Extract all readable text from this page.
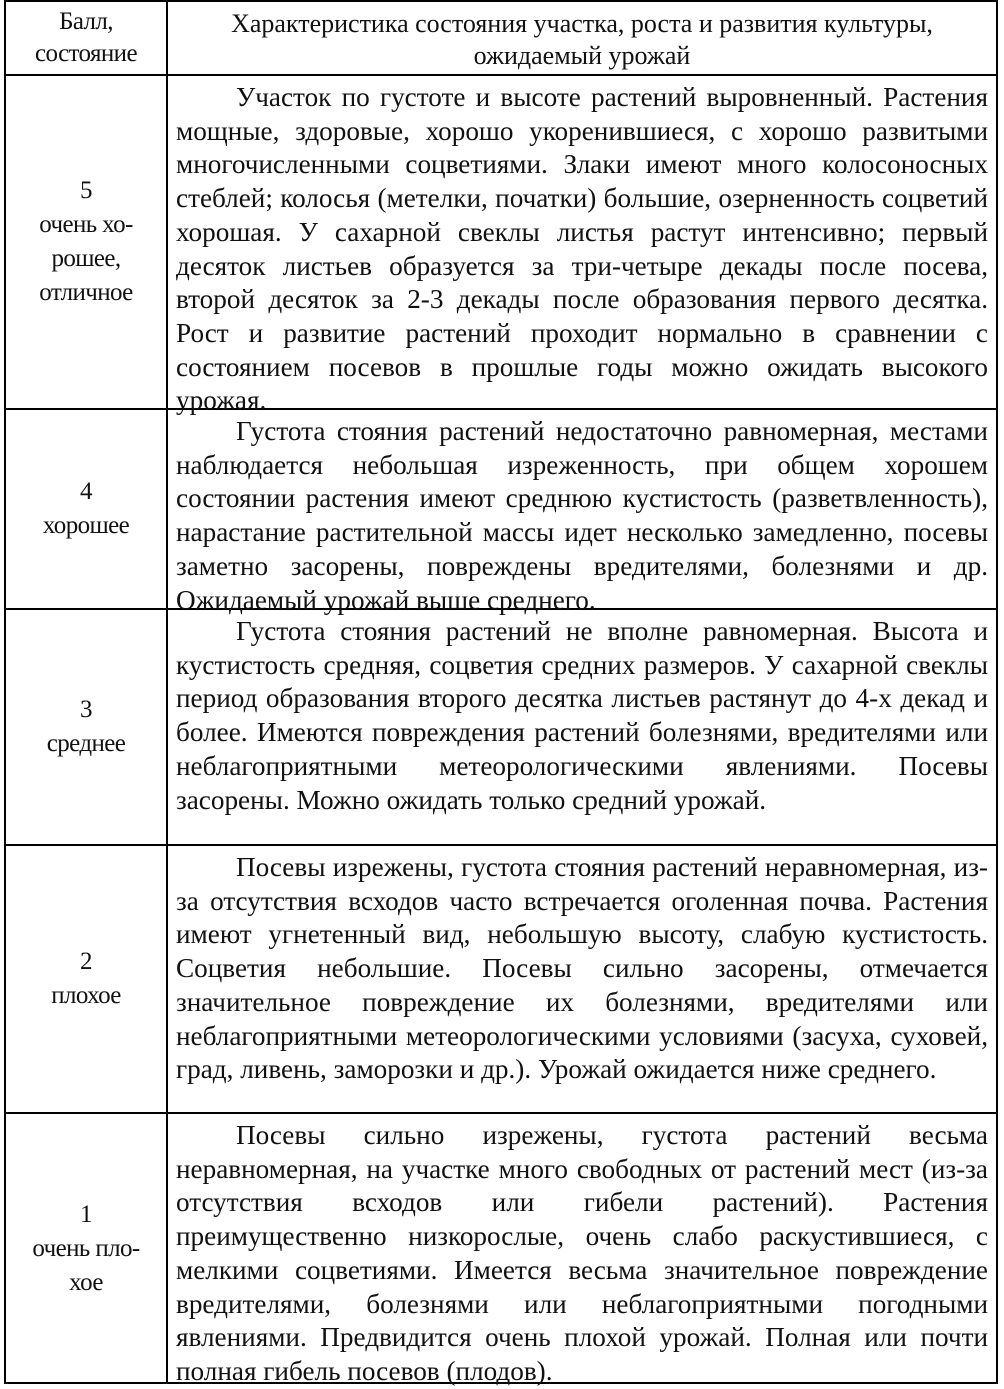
Балл,
состояние
Характеристика состояния участка, роста и развития культуры, ожидаемый урожай
5
очень хо-
рошее,
отличное
Участок по густоте и высоте растений выровненный. Растения мощные, здоровые, хорошо укоренившиеся, с хорошо развитыми многочисленными соцветиями. Злаки имеют много колосоносных стеблей; колосья (метелки, початки) большие, озерненность соцветий хорошая. У сахарной свеклы листья растут интенсивно; первый десяток листьев образуется за три-четыре декады после посева, второй десяток за 2-3 декады после образования первого десятка. Рост и развитие растений проходит нормально в сравнении с состоянием посевов в прошлые годы можно ожидать высокого урожая.
4
хорошее
Густота стояния растений недостаточно равномерная, местами наблюдается небольшая изреженность, при общем хорошем состоянии растения имеют среднюю кустистость (разветвленность), нарастание растительной массы идет несколько замедленно, посевы заметно засорены, повреждены вредителями, болезнями и др. Ожидаемый урожай выше среднего.
3
среднее
Густота стояния растений не вполне равномерная. Высота и кустистость средняя, соцветия средних размеров. У сахарной свеклы период образования второго десятка листьев растянут до 4-х декад и более. Имеются повреждения растений болезнями, вредителями или неблагоприятными метеорологическими явлениями. Посевы засорены. Можно ожидать только средний урожай.
2
плохое
Посевы изрежены, густота стояния растений неравномерная, из-за отсутствия всходов часто встречается оголенная почва. Растения имеют угнетенный вид, небольшую высоту, слабую кустистость. Соцветия небольшие. Посевы сильно засорены, отмечается значительное повреждение их болезнями, вредителями или неблагоприятными метеорологическими условиями (засуха, суховей, град, ливень, заморозки и др.). Урожай ожидается ниже среднего.
1
очень пло-
хое
Посевы сильно изрежены, густота растений весьма неравномерная, на участке много свободных от растений мест (из-за отсутствия всходов или гибели растений). Растения преимущественно низкорослые, очень слабо раскустившиеся, с мелкими соцветиями. Имеется весьма значительное повреждение вредителями, болезнями или неблагоприятными погодными явлениями. Предвидится очень плохой урожай. Полная или почти полная гибель посевов (плодов).
